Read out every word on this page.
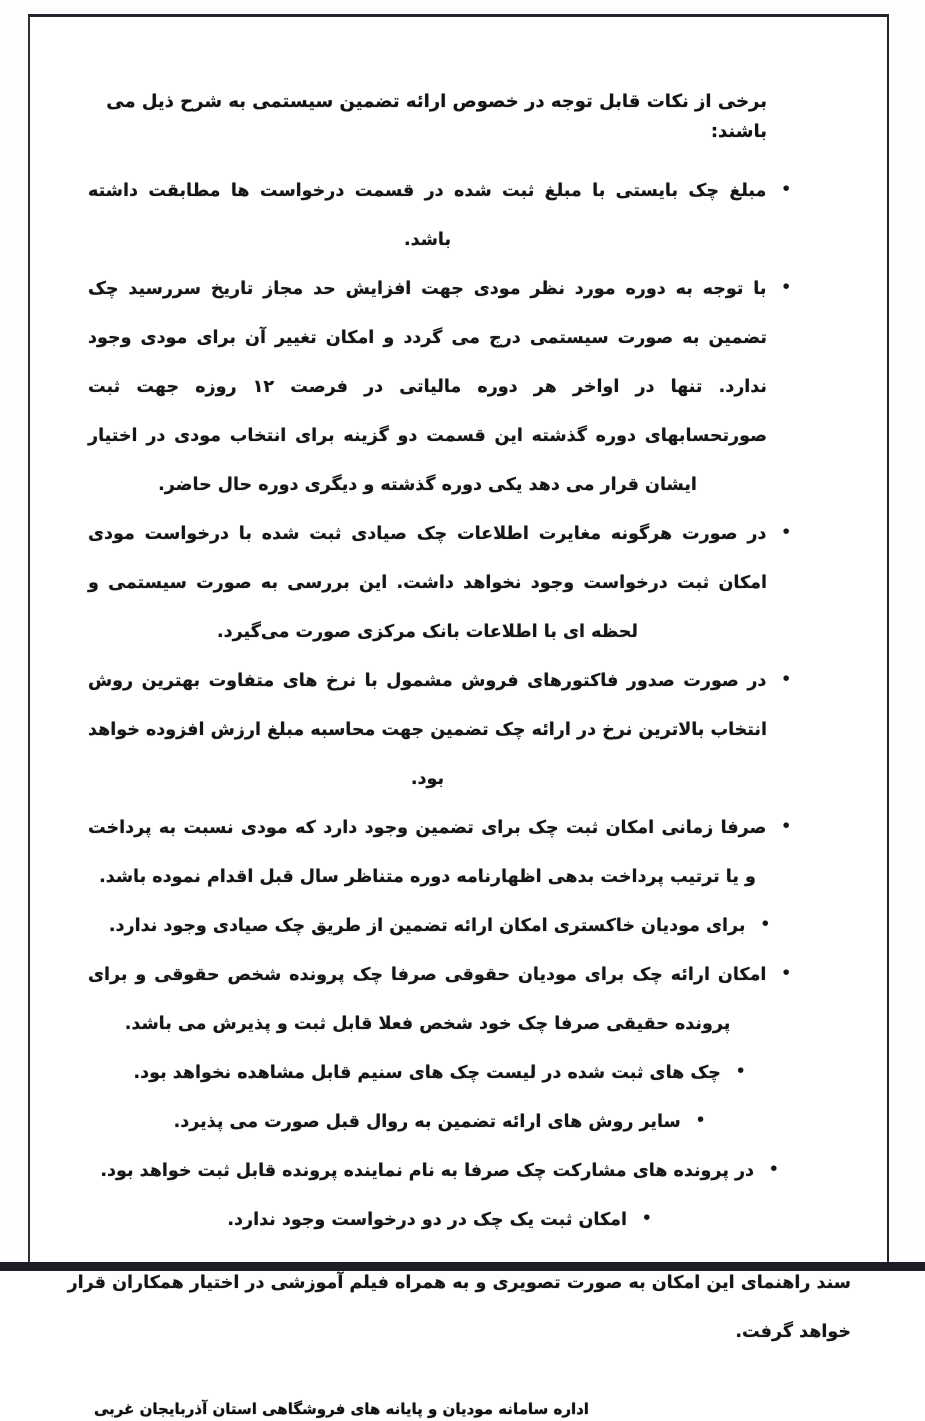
برخی از نکات قابل توجه در خصوص ارائه تضمین سیستمی به شرح ذیل می باشند:

•مبلغ چک بایستی با مبلغ ثبت شده در قسمت درخواست ها مطابقت داشته باشد.

•با توجه به دوره مورد نظر مودی جهت افزایش حد مجاز تاریخ سررسید چک تضمین به صورت سیستمی درج می گردد و امکان تغییر آن برای مودی وجود ندارد. تنها در اواخر هر دوره مالیاتی در فرصت ۱۲ روزه جهت ثبت صورتحسابهای دوره گذشته این قسمت دو گزینه برای انتخاب مودی در اختیار ایشان قرار می دهد یکی دوره گذشته و دیگری دوره حال حاضر.

•در صورت هرگونه مغایرت اطلاعات چک صیادی ثبت شده با درخواست مودی امکان ثبت درخواست وجود نخواهد داشت. این بررسی به صورت سیستمی و لحظه ای با اطلاعات بانک مرکزی صورت می‌گیرد.

•در صورت صدور فاکتورهای فروش مشمول با نرخ های متفاوت بهترین روش انتخاب بالاترین نرخ در ارائه چک تضمین جهت محاسبه مبلغ ارزش افزوده خواهد بود.

•صرفا زمانی امکان ثبت چک برای تضمین وجود دارد که مودی نسبت به پرداخت و یا ترتیب پرداخت بدهی اظهارنامه دوره متناظر سال قبل اقدام نموده باشد.

•برای مودیان خاکستری امکان ارائه تضمین از طریق چک صیادی وجود ندارد.

•امکان ارائه چک برای مودیان حقوقی صرفا چک پرونده شخص حقوقی و برای پرونده حقیقی صرفا چک خود شخص فعلا قابل ثبت و پذیرش می باشد.

•چک های ثبت شده در لیست چک های سنیم قابل مشاهده نخواهد بود.

•سایر روش های ارائه تضمین به روال قبل صورت می پذیرد.

•در پرونده های مشارکت چک صرفا به نام نماینده پرونده قابل ثبت خواهد بود.

•امکان ثبت یک چک در دو درخواست وجود ندارد.

سند راهنمای این امکان به صورت تصویری و به همراه فیلم آموزشی در اختیار همکاران قرار خواهد گرفت.

اداره سامانه مودیان و پایانه های فروشگاهی استان آذربایجان غربی
